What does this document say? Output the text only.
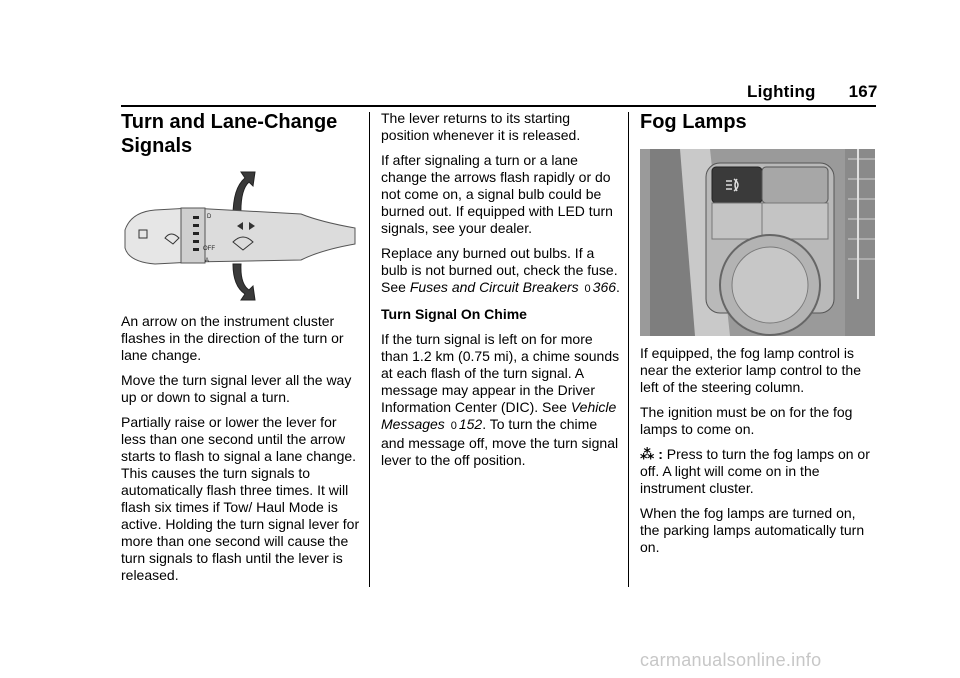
Lighting 167
Turn and Lane-Change
Signals
D
OFF
A

An arrow on the instrument cluster flashes in the direction of the turn or lane change.

Move the turn signal lever all the way up or down to signal a turn.

Partially raise or lower the lever for less than one second until the arrow starts to flash to signal a lane change. This causes the turn signals to automatically flash three times. It will flash six times if Tow/ Haul Mode is active. Holding the turn signal lever for more than one second will cause the turn signals to flash until the lever is released.

The lever returns to its starting position whenever it is released.

If after signaling a turn or a lane change the arrows flash rapidly or do not come on, a signal bulb could be burned out. If equipped with LED turn signals, see your dealer.

Replace any burned out bulbs. If a bulb is not burned out, check the fuse. See Fuses and Circuit Breakers 0 366.

Turn Signal On Chime

If the turn signal is left on for more than 1.2 km (0.75 mi), a chime sounds at each flash of the turn signal. A message may appear in the Driver Information Center (DIC). See Vehicle Messages 0 152. To turn the chime and message off, move the turn signal lever to the off position.

Fog Lamps

If equipped, the fog lamp control is near the exterior lamp control to the left of the steering column.

The ignition must be on for the fog lamps to come on.

⁂ : Press to turn the fog lamps on or off. A light will come on in the instrument cluster.

When the fog lamps are turned on, the parking lamps automatically turn on.

carmanualsonline.info
